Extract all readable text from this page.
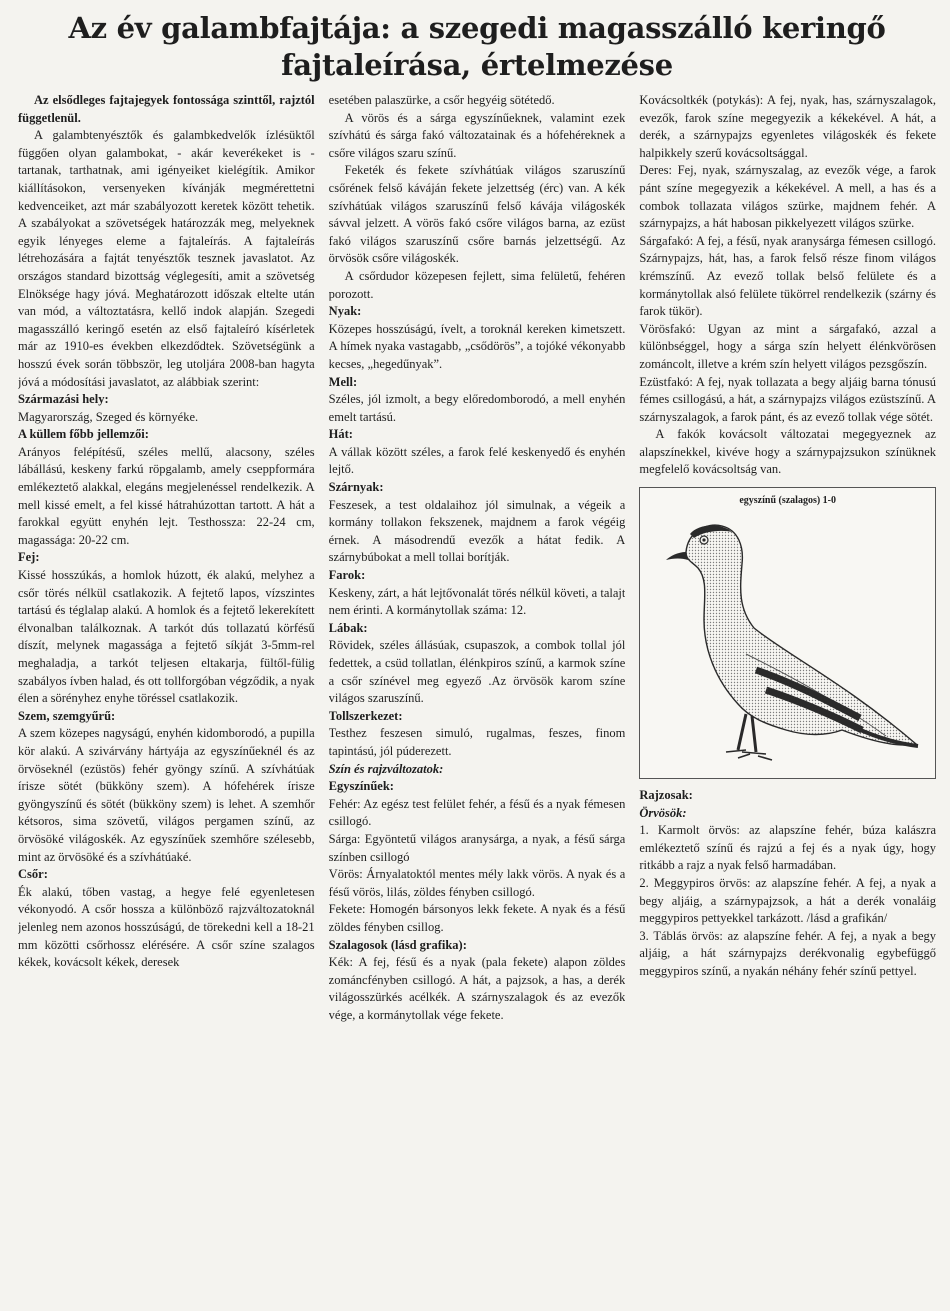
Az év galambfajtája: a szegedi magasszálló keringő fajtaleírása, értelmezése

Az elsődleges fajtajegyek fontossága szinttől, rajztól függetlenül.

A galambtenyésztők és galambkedvelők ízlésüktől függően olyan galambokat, - akár keverékeket is - tartanak, tarthatnak, ami igényeiket kielégítik. Amikor kiállításokon, versenyeken kívánják megmérettetni kedvenceiket, azt már szabályozott keretek között tehetik. A szabályokat a szövetségek határozzák meg, melyeknek egyik lényeges eleme a fajtaleírás. A fajtaleírás létrehozására a fajtát tenyésztők tesznek javaslatot. Az országos standard bizottság véglegesíti, amit a szövetség Elnöksége hagy jóvá. Meghatározott időszak eltelte után van mód, a változtatásra, kellő indok alapján. Szegedi magasszálló keringő esetén az első fajtaleíró kísérletek már az 1910-es években elkezdődtek. Szövetségünk a hosszú évek során többször, leg utoljára 2008-ban hagyta jóvá a módosítási javaslatot, az alábbiak szerint:

Származási hely:

Magyarország, Szeged és környéke.

A küllem főbb jellemzői:

Arányos felépítésű, széles mellű, alacsony, széles lábállású, keskeny farkú röpgalamb, amely cseppformára emlékeztető alakkal, elegáns megjelenéssel rendelkezik. A mell kissé emelt, a fel kissé hátrahúzottan tartott. A hát a farokkal együtt enyhén lejt. Testhossza: 22-24 cm, magassága: 20-22 cm.

Fej:

Kissé hosszúkás, a homlok húzott, ék alakú, melyhez a csőr törés nélkül csatlakozik. A fejtető lapos, vízszintes tartású és téglalap alakú. A homlok és a fejtető lekerekített élvonalban találkoznak. A tarkót dús tollazatú körfésű díszít, melynek magassága a fejtető síkját 3-5mm-rel meghaladja, a tarkót teljesen eltakarja, fültől-fülig szabályos ívben halad, és ott tollforgóban végződik, a nyak élen a sörényhez enyhe töréssel csatlakozik.

Szem, szemgyűrű:

A szem közepes nagyságú, enyhén kidomborodó, a pupilla kör alakú. A szivárvány hártyája az egyszínűeknél és az örvöseknél (ezüstös) fehér gyöngy színű. A szívhátúak írisze sötét (bükköny szem). A hófehérek írisze gyöngyszínű és sötét (bükköny szem) is lehet. A szemhőr kétsoros, sima szövetű, világos pergamen színű, az örvösöké világoskék. Az egyszínűek szemhőre szélesebb, mint az örvösöké és a szívhátúaké.

Csőr:

Ék alakú, tőben vastag, a hegye felé egyenletesen vékonyodó. A csőr hossza a különböző rajzváltozatoknál jelenleg nem azonos hosszúságú, de törekedni kell a 18-21 mm közötti csőrhossz elérésére. A csőr színe szalagos kékek, kovácsolt kékek, deresek

esetében palaszürke, a csőr hegyéig sötétedő.

A vörös és a sárga egyszínűeknek, valamint ezek szívhátú és sárga fakó változatainak és a hófehéreknek a csőre világos szaru színű.

Feketék és fekete szívhátúak világos szaruszínű csőrének felső káváján fekete jelzettség (érc) van. A kék szívhátúak világos szaruszínű felső kávája világoskék sávval jelzett. A vörös fakó csőre világos barna, az ezüst fakó világos szaruszínű csőre barnás jelzettségű. Az örvösök csőre világoskék.

A csőrdudor közepesen fejlett, sima felületű, fehéren porozott.

Nyak:

Közepes hosszúságú, ívelt, a toroknál kereken kimetszett. A hímek nyaka vastagabb, „csődörös”, a tojóké vékonyabb kecses, „hegedűnyak”.

Mell:

Széles, jól izmolt, a begy előredomborodó, a mell enyhén emelt tartású.

Hát:

A vállak között széles, a farok felé keskenyedő és enyhén lejtő.

Szárnyak:

Feszesek, a test oldalaihoz jól simulnak, a végeik a kormány tollakon fekszenek, majdnem a farok végéig érnek. A másodrendű evezők a hátat fedik. A szárnybúbokat a mell tollai borítják.

Farok:

Keskeny, zárt, a hát lejtővonalát törés nélkül követi, a talajt nem érinti. A kormánytollak száma: 12.

Lábak:

Rövidek, széles állásúak, csupaszok, a combok tollal jól fedettek, a csüd tollatlan, élénkpiros színű, a karmok színe a csőr színével meg egyező .Az örvösök karom színe világos szaruszínű.

Tollszerkezet:

Testhez feszesen simuló, rugalmas, feszes, finom tapintású, jól púderezett.

Szín és rajzváltozatok:

Egyszínűek:

Fehér: Az egész test felület fehér, a fésű és a nyak fémesen csillogó.

Sárga: Egyöntetű világos aranysárga, a nyak, a fésű sárga színben csillogó

Vörös: Árnyalatoktól mentes mély lakk vörös. A nyak és a fésű vörös, lilás, zöldes fényben csillogó.

Fekete: Homogén bársonyos lekk fekete. A nyak és a fésű zöldes fényben csillog.

Szalagosok (lásd grafika):

Kék: A fej, fésű és a nyak (pala fekete) alapon zöldes zománcfényben csillogó. A hát, a pajzsok, a has, a derék világosszürkés acélkék. A szárnyszalagok és az evezők vége, a kormánytollak vége fekete.

Kovácsoltkék (potykás): A fej, nyak, has, szárnyszalagok, evezők, farok színe megegyezik a kékekével. A hát, a derék, a szárnypajzs egyenletes világoskék és fekete halpikkely szerű kovácsoltsággal.

Deres: Fej, nyak, szárnyszalag, az evezők vége, a farok pánt színe megegyezik a kékekével. A mell, a has és a combok tollazata világos szürke, majdnem fehér. A szárnypajzs, a hát habosan pikkelyezett világos szürke.

Sárgafakó: A fej, a fésű, nyak aranysárga fémesen csillogó. Szárnypajzs, hát, has, a farok felső része finom világos krémszínű. Az evező tollak belső felülete és a kormánytollak alsó felülete tükörrel rendelkezik (szárny és farok tükör).

Vörösfakó: Ugyan az mint a sárgafakó, azzal a különbséggel, hogy a sárga szín helyett élénkvörösen zománcolt, illetve a krém szín helyett világos pezsgőszín.

Ezüstfakó: A fej, nyak tollazata a begy aljáig barna tónusú fémes csillogású, a hát, a szárnypajzs világos ezüstszínű. A szárnyszalagok, a farok pánt, és az evező tollak vége sötét.

A fakók kovácsolt változatai megegyeznek az alapszínekkel, kivéve hogy a szárnypajzsukon színüknek megfelelő kovácsoltság van.

egyszínű (szalagos) 1-0

Rajzosak:

Örvösök:

1. Karmolt örvös: az alapszíne fehér, búza kalászra emlékeztető színű és rajzú a fej és a nyak úgy, hogy ritkább a rajz a nyak felső harmadában.

2. Meggypiros örvös: az alapszíne fehér. A fej, a nyak a begy aljáig, a szárnypajzsok, a hát a derék vonaláig meggypiros pettyekkel tarkázott. /lásd a grafikán/

3. Táblás örvös: az alapszíne fehér. A fej, a nyak a begy aljáig, a hát szárnypajzs derékvonalig egybefüggő meggypiros színű, a nyakán néhány fehér színű pettyel.
